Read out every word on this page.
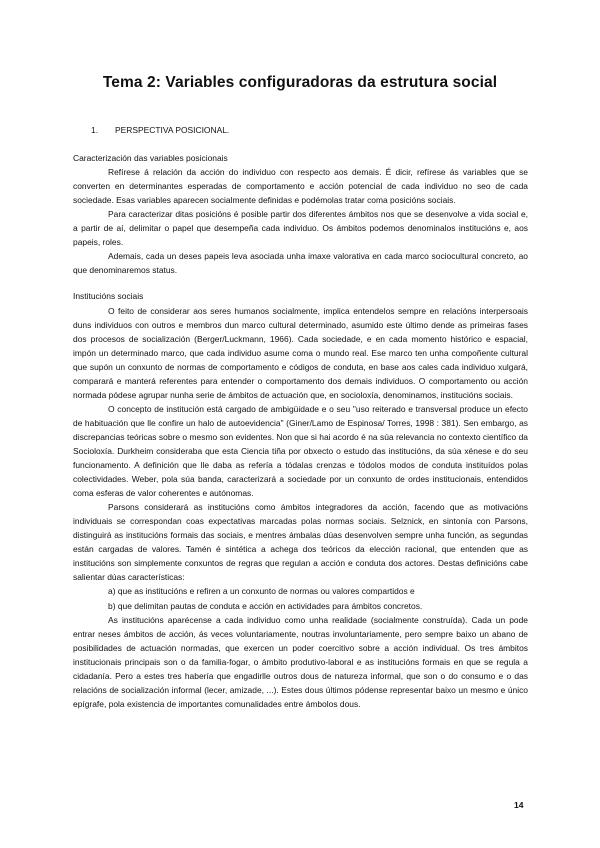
Tema 2: Variables configuradoras da estrutura social

1. PERSPECTIVA POSICIONAL.

Caracterización das variables posicionais

Refírese á relación da acción do individuo con respecto aos demais. É dicir, refírese ás variables que se converten en determinantes esperadas de comportamento e acción potencial de cada individuo no seo de cada sociedade. Esas variables aparecen socialmente definidas e podémolas tratar coma posicións sociais.

Para caracterizar ditas posicións é posible partir dos diferentes ámbitos nos que se desenvolve a vida social e, a partir de aí, delimitar o papel que desempeña cada individuo. Os ámbitos podemos denominalos institucións e, aos papeis, roles.

Ademais, cada un deses papeis leva asociada unha imaxe valorativa en cada marco sociocultural concreto, ao que denominaremos status.

Institucións sociais

O feito de considerar aos seres humanos socialmente, implica entendelos sempre en relacións interpersoais duns individuos con outros e membros dun marco cultural determinado, asumido este último dende as primeiras fases dos procesos de socialización (Berger/Luckmann, 1966). Cada sociedade, e en cada momento histórico e espacial, impón un determinado marco, que cada individuo asume coma o mundo real. Ese marco ten unha compoñente cultural que supón un conxunto de normas de comportamento e códigos de conduta, en base aos cales cada individuo xulgará, comparará e manterá referentes para entender o comportamento dos demais individuos. O comportamento ou acción normada pódese agrupar nunha serie de ámbitos de actuación que, en socioloxía, denominamos, institucións sociais.

O concepto de institución está cargado de ambigüidade e o seu "uso reiterado e transversal produce un efecto de habituación que lle confire un halo de autoevidencia" (Giner/Lamo de Espinosa/ Torres, 1998 : 381). Sen embargo, as discrepancias teóricas sobre o mesmo son evidentes. Non que si hai acordo é na súa relevancia no contexto científico da Socioloxía. Durkheim consideraba que esta Ciencia tiña por obxecto o estudo das institucións, da súa xénese e do seu funcionamento. A definición que lle daba as refería a tódalas crenzas e tódolos modos de conduta instituídos polas colectividades. Weber, pola súa banda, caracterizará a sociedade por un conxunto de ordes institucionais, entendidos coma esferas de valor coherentes e autónomas.

Parsons considerará as institucións como ámbitos integradores da acción, facendo que as motivacións individuais se correspondan coas expectativas marcadas polas normas sociais. Selznick, en sintonía con Parsons, distinguirá as institucións formais das sociais, e mentres ámbalas dúas desenvolven sempre unha función, as segundas están cargadas de valores. Tamén é sintética a achega dos teóricos da elección racional, que entenden que as institucións son simplemente conxuntos de regras que regulan a acción e conduta dos actores. Destas definicións cabe salientar dúas características:

a) que as institucións e refiren a un conxunto de normas ou valores compartidos e

b) que delimitan pautas de conduta e acción en actividades para ámbitos concretos.

As institucións aparécense a cada individuo como unha realidade (socialmente construída). Cada un pode entrar neses ámbitos de acción, ás veces voluntariamente, noutras involuntariamente, pero sempre baixo un abano de posibilidades de actuación normadas, que exercen un poder coercitivo sobre a acción individual. Os tres ámbitos institucionais principais son o da familia-fogar, o ámbito produtivo-laboral e as institucións formais en que se regula a cidadanía. Pero a estes tres habería que engadirlle outros dous de natureza informal, que son o do consumo e o das relacións de socialización informal (lecer, amizade, ...). Estes dous últimos pódense representar baixo un mesmo e único epígrafe, pola existencia de importantes comunalidades entre ámbolos dous.

14
